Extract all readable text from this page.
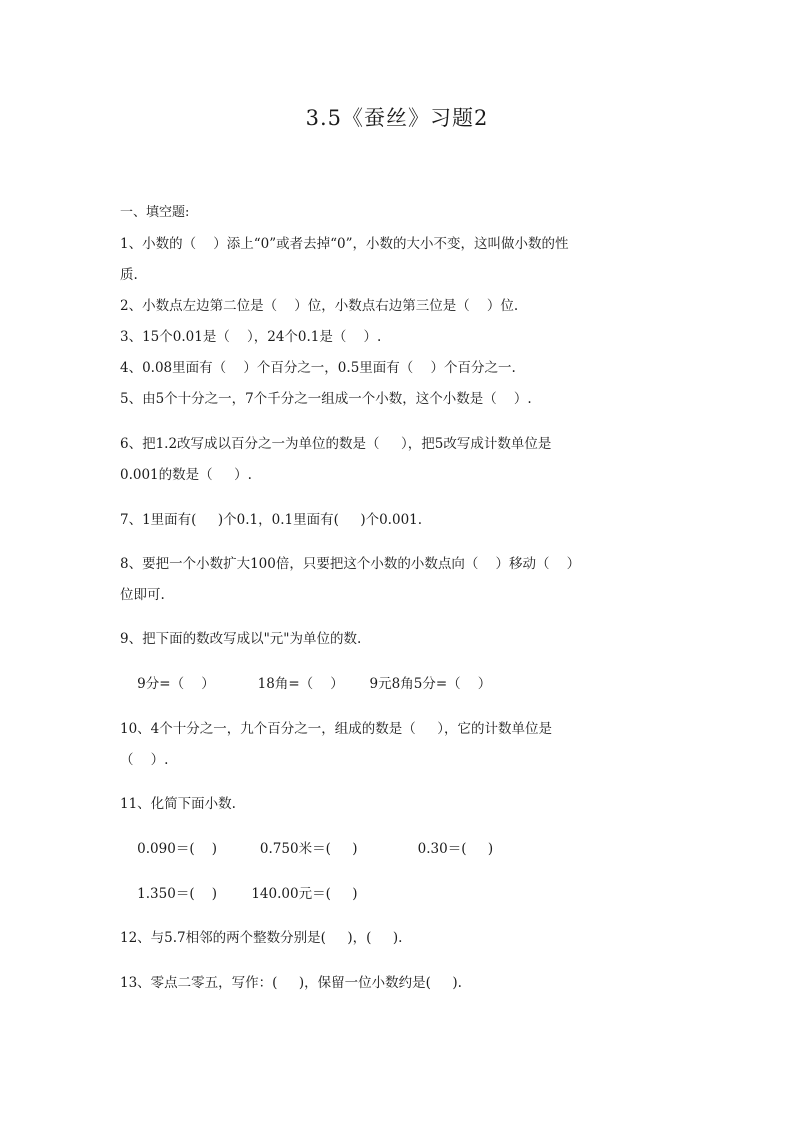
3.5《蚕丝》习题2
一、填空题:
1、小数的（    ）添上“0”或者去掉“0”，小数的大小不变，这叫做小数的性
质.
2、小数点左边第二位是（    ）位，小数点右边第三位是（    ）位.
3、15个0.01是（    ），24个0.1是（    ）.
4、0.08里面有（    ）个百分之一，0.5里面有（    ）个百分之一.
5、由5个十分之一，7个千分之一组成一个小数，这个小数是（    ）.
6、把1.2改写成以百分之一为单位的数是（     ），把5改写成计数单位是
0.001的数是（     ）.
7、1里面有(     )个0.1，0.1里面有(     )个0.001.
8、要把一个小数扩大100倍，只要把这个小数的小数点向（    ）移动（    ）
位即可.
9、把下面的数改写成以"元"为单位的数.
9分=（    ）          18角=（    ）      9元8角5分=（    ）
10、4个十分之一，九个百分之一，组成的数是（     ），它的计数单位是
（    ）.
11、化简下面小数.
0.090＝(    )          0.750米＝(     )              0.30＝(     )
1.350＝(    )        140.00元＝(     )
12、与5.7相邻的两个整数分别是(     )，(     ).
13、零点二零五，写作：(     )，保留一位小数约是(     ).
